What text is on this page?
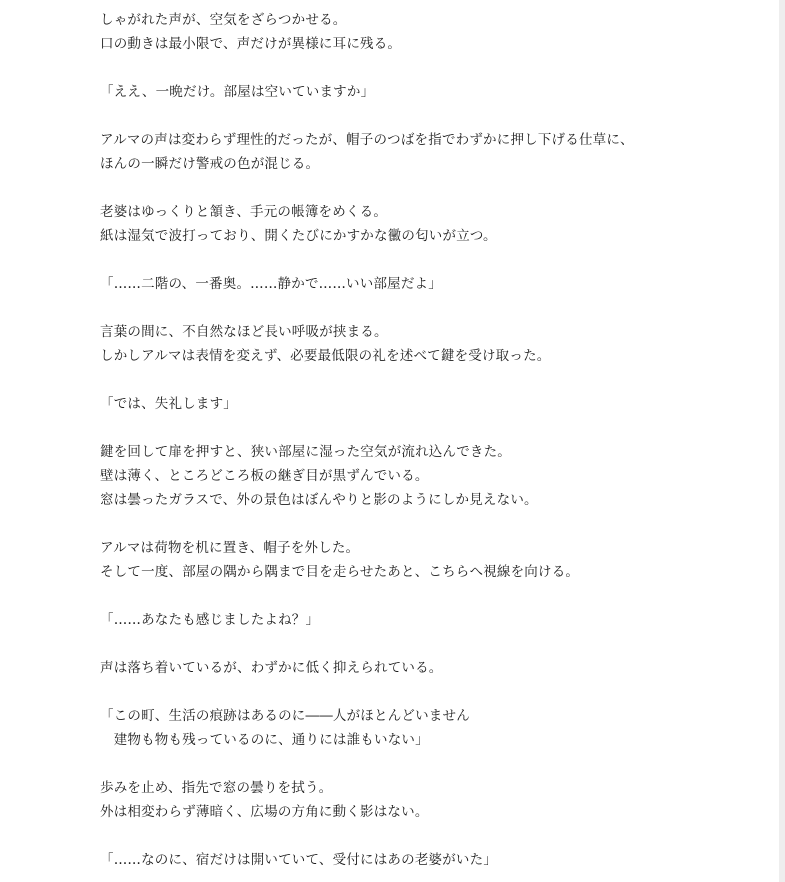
しゃがれた声が、空気をざらつかせる。
口の動きは最小限で、声だけが異様に耳に残る。
「ええ、一晩だけ。部屋は空いていますか」
アルマの声は変わらず理性的だったが、帽子のつばを指でわずかに押し下げる仕草に、
ほんの一瞬だけ警戒の色が混じる。
老婆はゆっくりと頷き、手元の帳簿をめくる。
紙は湿気で波打っており、開くたびにかすかな黴の匂いが立つ。
「……二階の、一番奥。……静かで……いい部屋だよ」
言葉の間に、不自然なほど長い呼吸が挟まる。
しかしアルマは表情を変えず、必要最低限の礼を述べて鍵を受け取った。
「では、失礼します」
鍵を回して扉を押すと、狭い部屋に湿った空気が流れ込んできた。
壁は薄く、ところどころ板の継ぎ目が黒ずんでいる。
窓は曇ったガラスで、外の景色はぼんやりと影のようにしか見えない。
アルマは荷物を机に置き、帽子を外した。
そして一度、部屋の隅から隅まで目を走らせたあと、こちらへ視線を向ける。
「……あなたも感じましたよね？」
声は落ち着いているが、わずかに低く抑えられている。
「この町、生活の痕跡はあるのに――人がほとんどいません
　建物も物も残っているのに、通りには誰もいない」
歩みを止め、指先で窓の曇りを拭う。
外は相変わらず薄暗く、広場の方角に動く影はない。
「……なのに、宿だけは開いていて、受付にはあの老婆がいた」
